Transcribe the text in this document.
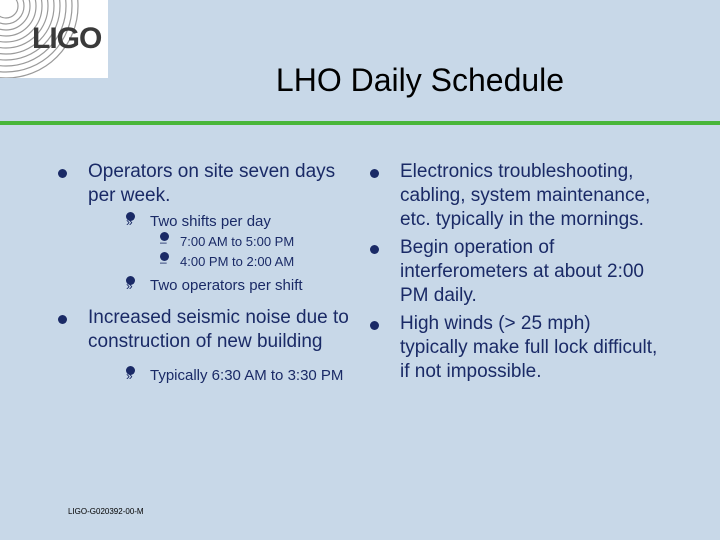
LIGO
LHO Daily Schedule
Operators on site seven days per week.
» Two shifts per day
– 7:00 AM to 5:00 PM
– 4:00 PM to 2:00 AM
» Two operators per shift
Increased seismic noise due to construction of new building
» Typically 6:30 AM to 3:30 PM
Electronics troubleshooting, cabling, system maintenance, etc. typically in the mornings.
Begin operation of interferometers at about 2:00 PM daily.
High winds (> 25 mph) typically make full lock difficult, if not impossible.
LIGO-G020392-00-M
